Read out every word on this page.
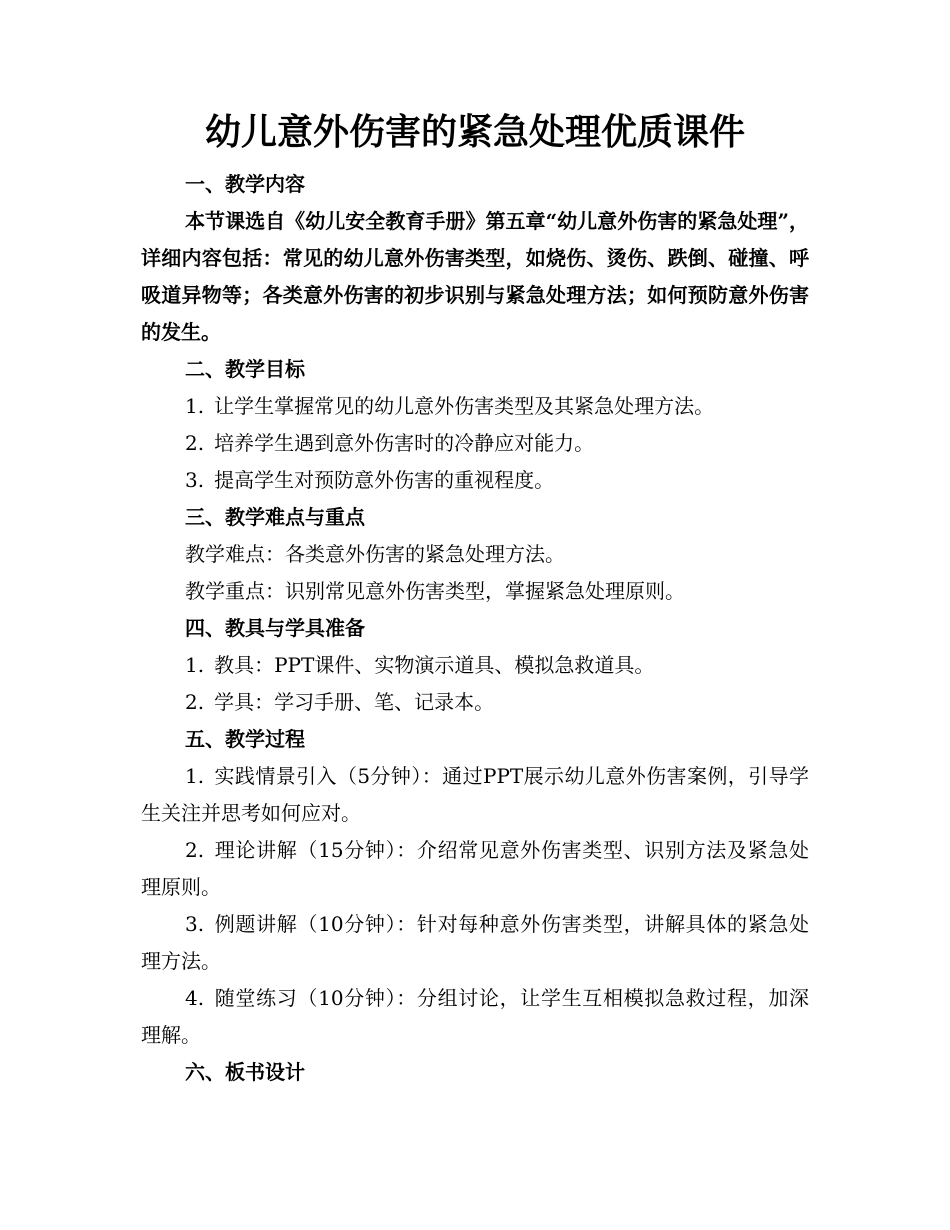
幼儿意外伤害的紧急处理优质课件

一、教学内容

本节课选自《幼儿安全教育手册》第五章“幼儿意外伤害的紧急处理”，详细内容包括：常见的幼儿意外伤害类型，如烧伤、烫伤、跌倒、碰撞、呼吸道异物等；各类意外伤害的初步识别与紧急处理方法；如何预防意外伤害的发生。

二、教学目标

1. 让学生掌握常见的幼儿意外伤害类型及其紧急处理方法。

2. 培养学生遇到意外伤害时的冷静应对能力。

3. 提高学生对预防意外伤害的重视程度。

三、教学难点与重点

教学难点：各类意外伤害的紧急处理方法。

教学重点：识别常见意外伤害类型，掌握紧急处理原则。

四、教具与学具准备

1. 教具：PPT课件、实物演示道具、模拟急救道具。

2. 学具：学习手册、笔、记录本。

五、教学过程

1. 实践情景引入（5分钟）：通过PPT展示幼儿意外伤害案例，引导学生关注并思考如何应对。

2. 理论讲解（15分钟）：介绍常见意外伤害类型、识别方法及紧急处理原则。

3. 例题讲解（10分钟）：针对每种意外伤害类型，讲解具体的紧急处理方法。

4. 随堂练习（10分钟）：分组讨论，让学生互相模拟急救过程，加深理解。

六、板书设计
